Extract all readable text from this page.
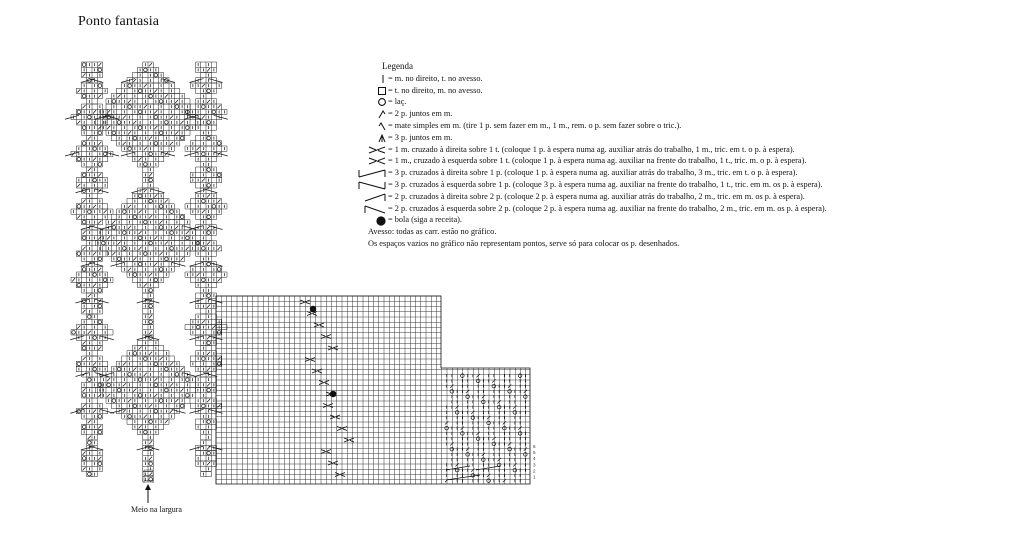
Ponto fantasia
6
5
4
3
2
1
Legenda
= m. no direito, t. no avesso.
= t. no direito, m. no avesso.
= laç.
= 2 p. juntos em m.
= mate simples em m. (tire 1 p. sem fazer em m., 1 m., rem. o p. sem fazer sobre o tric.).
= 3 p. juntos em m.
= 1 m. cruzado à direita sobre 1 t. (coloque 1 p. à espera numa ag. auxiliar atrás do trabalho, 1 m., tric. em t. o p. à espera).
= 1 m., cruzado à esquerda sobre 1 t. (coloque 1 p. à espera numa ag. auxiliar na frente do trabalho, 1 t., tric. m. o p. à espera).
= 3 p. cruzados à direita sobre 1 p. (coloque 1 p. à espera numa ag. auxiliar atrás do trabalho, 3 m., tric. em t. o p. à espera).
= 3 p. cruzados à esquerda sobre 1 p. (coloque 3 p. à espera numa ag. auxiliar na frente do trabalho, 1 t., tric. em m. os p. à espera).
= 2 p. cruzados à direita sobre 2 p. (coloque 2 p. à espera numa ag. auxiliar atrás do trabalho, 2 m., tric. em m. os p. à espera).
= 2 p. cruzados à esquerda sobre 2 p. (coloque 2 p. à espera numa ag. auxiliar na frente do trabalho, 2 m., tric. em m. os p. à espera).
= bola (siga a receita).
Avesso: todas as carr. estão no gráfico.
Os espaços vazios no gráfico não representam pontos, serve só para colocar os p. desenhados.
Meio na largura
